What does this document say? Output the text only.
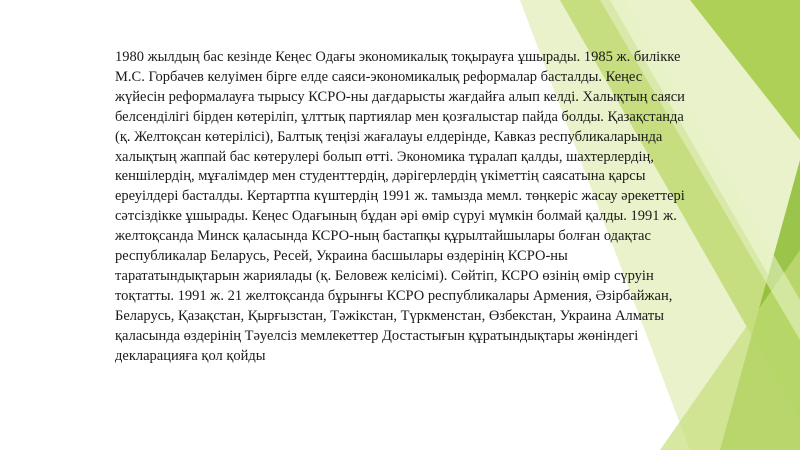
1980 жылдың бас кезінде Кеңес Одағы экономикалық тоқырауға ұшырады. 1985 ж. билікке М.С. Горбачев келуімен бірге елде саяси-экономикалық реформалар басталды. Кеңес жүйесін реформалауға тырысу КСРО-ны дағдарысты жағдайға алып келді. Халықтың саяси белсенділігі бірден көтеріліп, ұлттық партиялар мен қозғалыстар пайда болды. Қазақстанда (қ. Желтоқсан көтерілісі), Балтық теңізі жағалауы елдерінде, Кавказ республикаларында халықтың жаппай бас көтерулері болып өтті. Экономика тұралап қалды, шахтерлердің, кеншілердің, мұғалімдер мен студенттердің, дәрігерлердің үкіметтің саясатына қарсы ереуілдері басталды. Кертартпа күштердің 1991 ж. тамызда мемл. төңкеріс жасау әрекеттері сәтсіздікке ұшырады. Кеңес Одағының бұдан әрі өмір сүруі мүмкін болмай қалды. 1991 ж. желтоқсанда Минск қаласында КСРО-ның бастапқы құрылтайшылары болған одақтас республикалар Беларусь, Ресей, Украина басшылары өздерінің КСРО-ны тарататындықтарын жариялады (қ. Беловеж келісімі). Сөйтіп, КСРО өзінің өмір сүруін тоқтатты. 1991 ж. 21 желтоқсанда бұрынғы КСРО республикалары Армения, Әзірбайжан, Беларусь, Қазақстан, Қырғызстан, Тәжікстан, Түркменстан, Өзбекстан, Украина Алматы қаласында өздерінің Тәуелсіз мемлекеттер Достастығын құратындықтары жөніндегі декларацияға қол қойды
